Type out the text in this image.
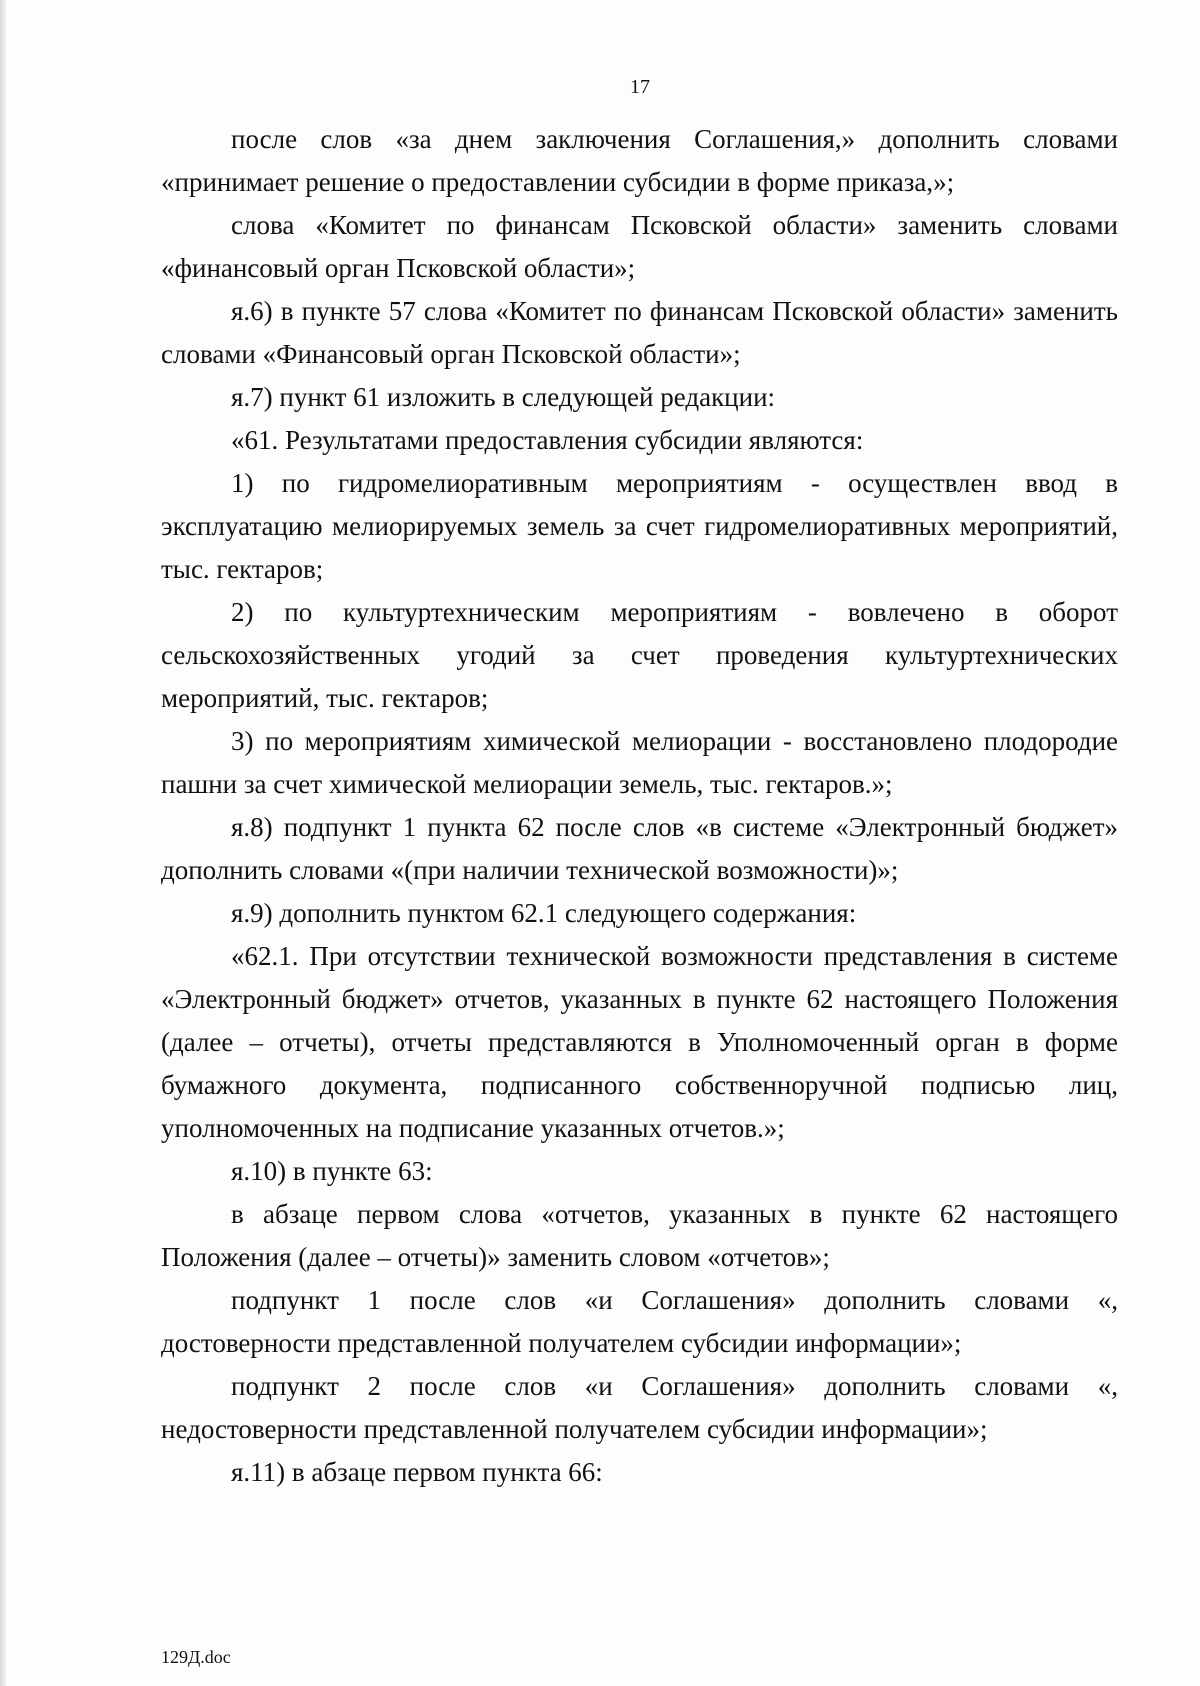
17

после слов «за днем заключения Соглашения,» дополнить словами «принимает решение о предоставлении субсидии в форме приказа,»;

слова «Комитет по финансам Псковской области» заменить словами «финансовый орган Псковской области»;

я.6) в пункте 57 слова «Комитет по финансам Псковской области» заменить словами «Финансовый орган Псковской области»;

я.7) пункт 61 изложить в следующей редакции:

«61. Результатами предоставления субсидии являются:

1) по гидромелиоративным мероприятиям - осуществлен ввод в эксплуатацию мелиорируемых земель за счет гидромелиоративных мероприятий, тыс. гектаров;

2) по культуртехническим мероприятиям - вовлечено в оборот сельскохозяйственных угодий за счет проведения культуртехнических мероприятий, тыс. гектаров;

3) по мероприятиям химической мелиорации - восстановлено плодородие пашни за счет химической мелиорации земель, тыс. гектаров.»;

я.8) подпункт 1 пункта 62 после слов «в системе «Электронный бюджет» дополнить словами «(при наличии технической возможности)»;

я.9) дополнить пунктом 62.1 следующего содержания:

«62.1. При отсутствии технической возможности представления в системе «Электронный бюджет» отчетов, указанных в пункте 62 настоящего Положения (далее – отчеты), отчеты представляются в Уполномоченный орган в форме бумажного документа, подписанного собственноручной подписью лиц, уполномоченных на подписание указанных отчетов.»;

я.10) в пункте 63:

в абзаце первом слова «отчетов, указанных в пункте 62 настоящего Положения (далее – отчеты)» заменить словом «отчетов»;

подпункт 1 после слов «и Соглашения» дополнить словами «, достоверности представленной получателем субсидии информации»;

подпункт 2 после слов «и Соглашения» дополнить словами «, недостоверности представленной получателем субсидии информации»;

я.11) в абзаце первом пункта 66:

129Д.doc
